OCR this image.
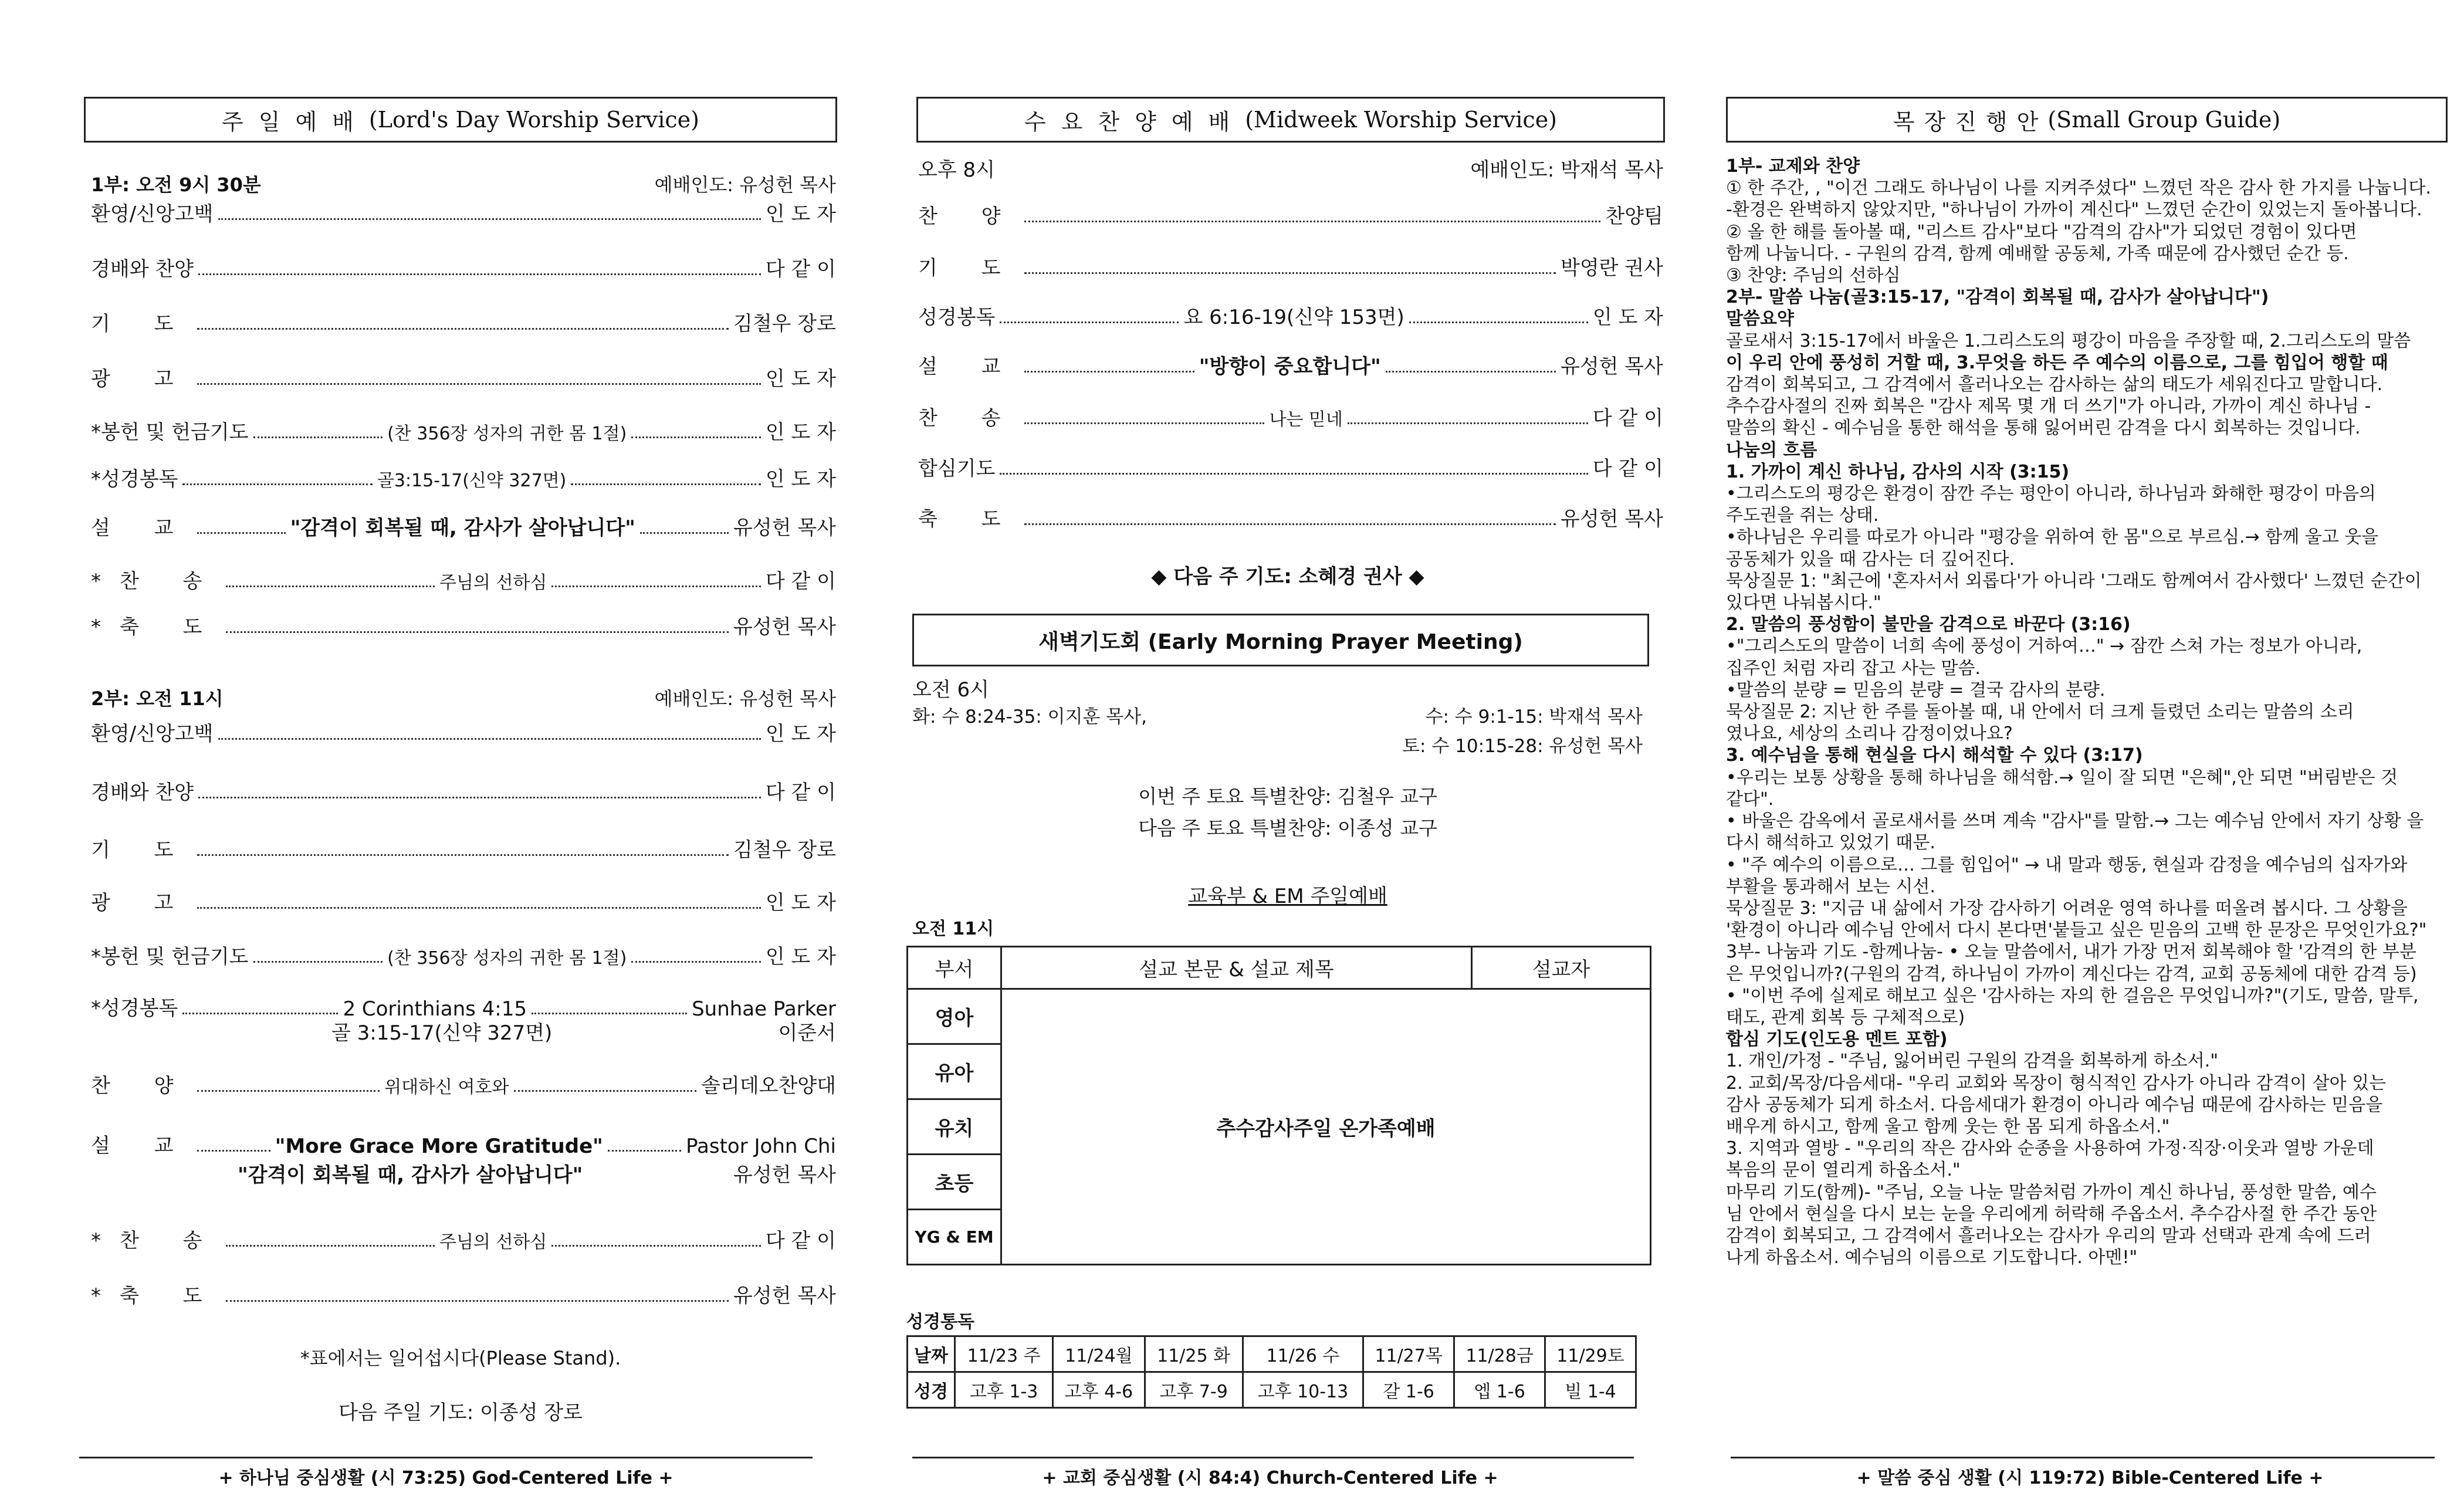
주일예배 (Lord's Day Worship Service)
1부: 오전 9시 30분	예배인도: 유성헌 목사
환영/신앙고백	인 도 자
경배와 찬양	다 같 이
기 도	김철우 장로
광 고	인 도 자
*봉헌 및 헌금기도	(찬 356장 성자의 귀한 몸 1절)	인 도 자
*성경봉독	골3:15-17(신약 327면)	인 도 자
설 교	"감격이 회복될 때, 감사가 살아납니다"	유성헌 목사
*찬 송	주님의 선하심	다 같 이
*축 도	유성헌 목사
2부: 오전 11시	예배인도: 유성헌 목사
환영/신앙고백	인 도 자
경배와 찬양	다 같 이
기 도	김철우 장로
광 고	인 도 자
*봉헌 및 헌금기도	(찬 356장 성자의 귀한 몸 1절)	인 도 자
*성경봉독	2 Corinthians 4:15	Sunhae Parker
골 3:15-17(신약 327면)	이준서
찬 양	위대하신 여호와	솔리데오찬양대
설 교	"More Grace More Gratitude"	Pastor John Chi
"감격이 회복될 때, 감사가 살아납니다"	유성헌 목사
*찬 송	주님의 선하심	다 같 이
*축 도	유성헌 목사
*표에서는 일어섭시다(Please Stand).
다음 주일 기도: 이종성 장로
+ 하나님 중심생활 (시 73:25) God-Centered Life +
수요찬양예배 (Midweek Worship Service)
오후 8시	예배인도: 박재석 목사
찬 양	찬양팀
기 도	박영란 권사
성경봉독	요 6:16-19(신약 153면)	인 도 자
설 교	"방향이 중요합니다"	유성헌 목사
찬 송	나는 믿네	다 같 이
합심기도	다 같 이
축 도	유성헌 목사
◆ 다음 주 기도: 소혜경 권사 ◆
새벽기도회 (Early Morning Prayer Meeting)
오전 6시
화: 수 8:24-35: 이지훈 목사,	수: 수 9:1-15: 박재석 목사
토: 수 10:15-28: 유성헌 목사
이번 주 토요 특별찬양: 김철우 교구
다음 주 토요 특별찬양: 이종성 교구
교육부 & EM 주일예배
오전 11시
부서	설교 본문 & 설교 제목	설교자
영아	추수감사주일 온가족예배	
유아		
유치		
초등		
YG & EM		
성경통독
날짜	11/23 주	11/24월	11/25 화	11/26 수	11/27목	11/28금	11/29토
성경	고후 1-3	고후 4-6	고후 7-9	고후 10-13	갈 1-6	엡 1-6	빌 1-4
+ 교회 중심생활 (시 84:4) Church-Centered Life +
목장진행안 (Small Group Guide)

1부- 교제와 찬양

① 한 주간, , "이건 그래도 하나님이 나를 지켜주셨다" 느꼈던 작은 감사 한 가지를 나눕니다.

-환경은 완벽하지 않았지만, "하나님이 가까이 계신다" 느꼈던 순간이 있었는지 돌아봅니다.

② 올 한 해를 돌아볼 때, "리스트 감사"보다 "감격의 감사"가 되었던 경험이 있다면

함께 나눕니다. - 구원의 감격, 함께 예배할 공동체, 가족 때문에 감사했던 순간 등.

③ 찬양: 주님의 선하심

2부- 말씀 나눔(골3:15-17, "감격이 회복될 때, 감사가 살아납니다")

말씀요약

골로새서 3:15-17에서 바울은 1.그리스도의 평강이 마음을 주장할 때, 2.그리스도의 말씀

이 우리 안에 풍성히 거할 때, 3.무엇을 하든 주 예수의 이름으로, 그를 힘입어 행할 때

감격이 회복되고, 그 감격에서 흘러나오는 감사하는 삶의 태도가 세워진다고 말합니다.

추수감사절의 진짜 회복은 "감사 제목 몇 개 더 쓰기"가 아니라, 가까이 계신 하나님 -

말씀의 확신 - 예수님을 통한 해석을 통해 잃어버린 감격을 다시 회복하는 것입니다.

나눔의 흐름

1. 가까이 계신 하나님, 감사의 시작 (3:15)

•그리스도의 평강은 환경이 잠깐 주는 평안이 아니라, 하나님과 화해한 평강이 마음의

주도권을 쥐는 상태.

•하나님은 우리를 따로가 아니라 "평강을 위하여 한 몸"으로 부르심.→ 함께 울고 웃을

공동체가 있을 때 감사는 더 깊어진다.

묵상질문 1: "최근에 '혼자서서 외롭다'가 아니라 '그래도 함께여서 감사했다' 느꼈던 순간이

있다면 나눠봅시다."

2. 말씀의 풍성함이 불만을 감격으로 바꾼다 (3:16)

•"그리스도의 말씀이 너희 속에 풍성이 거하여…" → 잠깐 스쳐 가는 정보가 아니라,

집주인 처럼 자리 잡고 사는 말씀.

•말씀의 분량 = 믿음의 분량 = 결국 감사의 분량.

묵상질문 2: 지난 한 주를 돌아볼 때, 내 안에서 더 크게 들렸던 소리는 말씀의 소리

였나요, 세상의 소리나 감정이었나요?

3. 예수님을 통해 현실을 다시 해석할 수 있다 (3:17)

•우리는 보통 상황을 통해 하나님을 해석함.→ 일이 잘 되면 "은혜",안 되면 "버림받은 것

같다".

• 바울은 감옥에서 골로새서를 쓰며 계속 "감사"를 말함.→ 그는 예수님 안에서 자기 상황 을

다시 해석하고 있었기 때문.

• "주 예수의 이름으로… 그를 힘입어" → 내 말과 행동, 현실과 감정을 예수님의 십자가와

부활을 통과해서 보는 시선.

묵상질문 3: "지금 내 삶에서 가장 감사하기 어려운 영역 하나를 떠올려 봅시다. 그 상황을

'환경이 아니라 예수님 안에서 다시 본다면'붙들고 싶은 믿음의 고백 한 문장은 무엇인가요?"

3부- 나눔과 기도 -함께나눔- • 오늘 말씀에서, 내가 가장 먼저 회복해야 할 '감격의 한 부분

은 무엇입니까?(구원의 감격, 하나님이 가까이 계신다는 감격, 교회 공동체에 대한 감격 등)

• "이번 주에 실제로 해보고 싶은 '감사하는 자의 한 걸음은 무엇입니까?"(기도, 말씀, 말투,

태도, 관계 회복 등 구체적으로)

합심 기도(인도용 멘트 포함)

1. 개인/가정 - "주님, 잃어버린 구원의 감격을 회복하게 하소서."

2. 교회/목장/다음세대- "우리 교회와 목장이 형식적인 감사가 아니라 감격이 살아 있는

감사 공동체가 되게 하소서. 다음세대가 환경이 아니라 예수님 때문에 감사하는 믿음을

배우게 하시고, 함께 울고 함께 웃는 한 몸 되게 하옵소서."

3. 지역과 열방 - "우리의 작은 감사와 순종을 사용하여 가정·직장·이웃과 열방 가운데

복음의 문이 열리게 하옵소서."

마무리 기도(함께)- "주님, 오늘 나눈 말씀처럼 가까이 계신 하나님, 풍성한 말씀, 예수

님 안에서 현실을 다시 보는 눈을 우리에게 허락해 주옵소서. 추수감사절 한 주간 동안

감격이 회복되고, 그 감격에서 흘러나오는 감사가 우리의 말과 선택과 관계 속에 드러

나게 하옵소서. 예수님의 이름으로 기도합니다. 아멘!"

+ 말씀 중심 생활 (시 119:72) Bible-Centered Life +
